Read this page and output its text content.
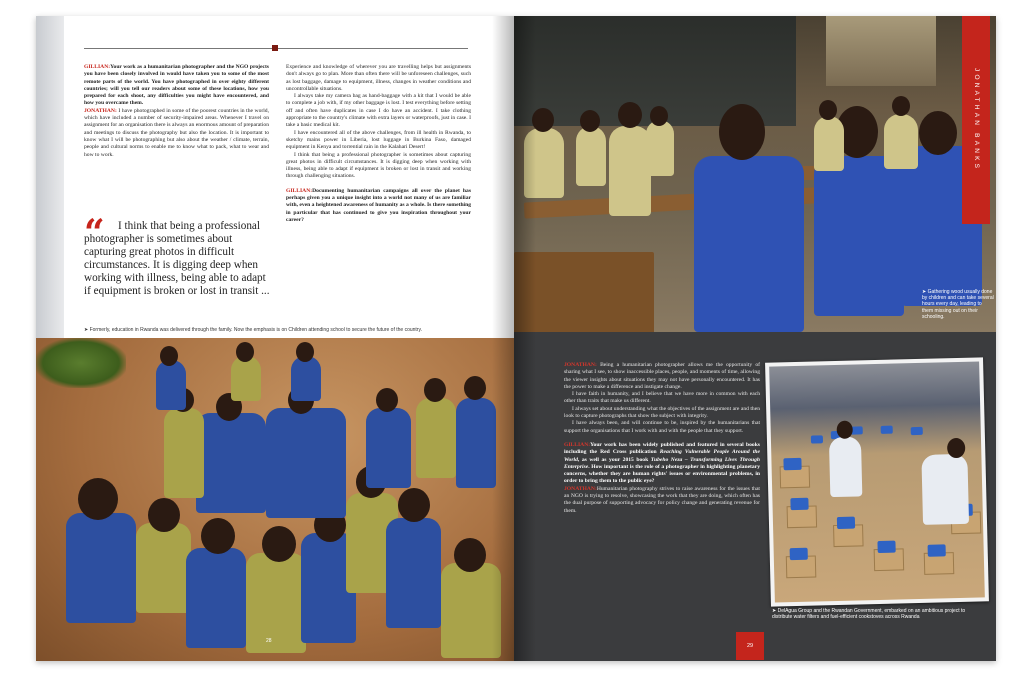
GILLIAN:Your work as a humanitarian photographer and the NGO projects you have been closely involved in would have taken you to some of the most remote parts of the world. You have photographed in over eighty different countries; will you tell our readers about some of these locations, how you prepared for each shoot, any difficulties you might have encountered, and how you overcame them.

JONATHAN: I have photographed in some of the poorest countries in the world, which have included a number of security-impaired areas. Whenever I travel on assignment for an organisation there is always an enormous amount of preparation and meetings to discuss the photography but also the location. It is important to know what I will be photographing but also about the weather / climate, terrain, people and cultural norms to enable me to know what to pack, what to wear and how to work.

“	I think that being a professional photographer is sometimes about capturing great photos in difficult circumstances. It is digging deep when working with illness, being able to adapt if equipment is broken or lost in transit ...

Experience and knowledge of wherever you are travelling helps but assignments don't always go to plan. More than often there will be unforeseen challenges, such as lost baggage, damage to equipment, illness, changes in weather conditions and uncontrollable situations.

I always take my camera bag as hand-baggage with a kit that I would be able to complete a job with, if my other baggage is lost. I test everything before setting off and often have duplicates in case I do have an accident. I take clothing appropriate to the country's climate with extra layers or waterproofs, just in case. I take a basic medical kit.

I have encountered all of the above challenges, from ill health in Rwanda, to sketchy mains power in Liberia, lost luggage in Burkina Faso, damaged equipment in Kenya and torrential rain in the Kalahari Desert!

I think that being a professional photographer is sometimes about capturing great photos in difficult circumstances. It is digging deep when working with illness, being able to adapt if equipment is broken or lost in transit and working through challenging situations.

GILLIAN:Documenting humanitarian campaigns all over the planet has perhaps given you a unique insight into a world not many of us are familiar with, even a heightened awareness of humanity as a whole. Is there something in particular that has continued to give you inspiration throughout your career?

➤ Formerly, education in Rwanda was delivered through the family. Now the emphasis is on Children attending school to secure the future of the country.
28
JONATHAN BANKS
➤ Gathering wood usually done by children and can take several hours every day, leading to them missing out on their schooling.

JONATHAN: Being a humanitarian photographer allows me the opportunity of sharing what I see, to show inaccessible places, people, and moments of time, allowing the viewer insights about situations they may not have personally encountered. It has the power to make a difference and instigate change.

I have faith in humanity, and I believe that we have more in common with each other than traits that make us different.

I always set about understanding what the objectives of the assignment are and then look to capture photographs that show the subject with integrity.

I have always been, and will continue to be, inspired by the humanitarians that support the organisations that I work with and with the people that they support.

GILLIAN:Your work has been widely published and featured in several books including the Red Cross publication Reaching Vulnerable People Around the World, as well as your 2015 book Tubeho Neza – Transforming Lives Through Enterprise. How important is the role of a photographer in highlighting planetary concerns, whether they are human rights' issues or environmental problems, in order to bring them to the public eye?

JONATHAN:Humanitarian photography strives to raise awareness for the issues that an NGO is trying to resolve, showcasing the work that they are doing, which often has the dual purpose of supporting advocacy for policy change and generating revenue for them.

➤ DelAgua Group and the Rwandan Government, embarked on an ambitious project to distribute water filters and fuel-efficient cookstoves across Rwanda
29
